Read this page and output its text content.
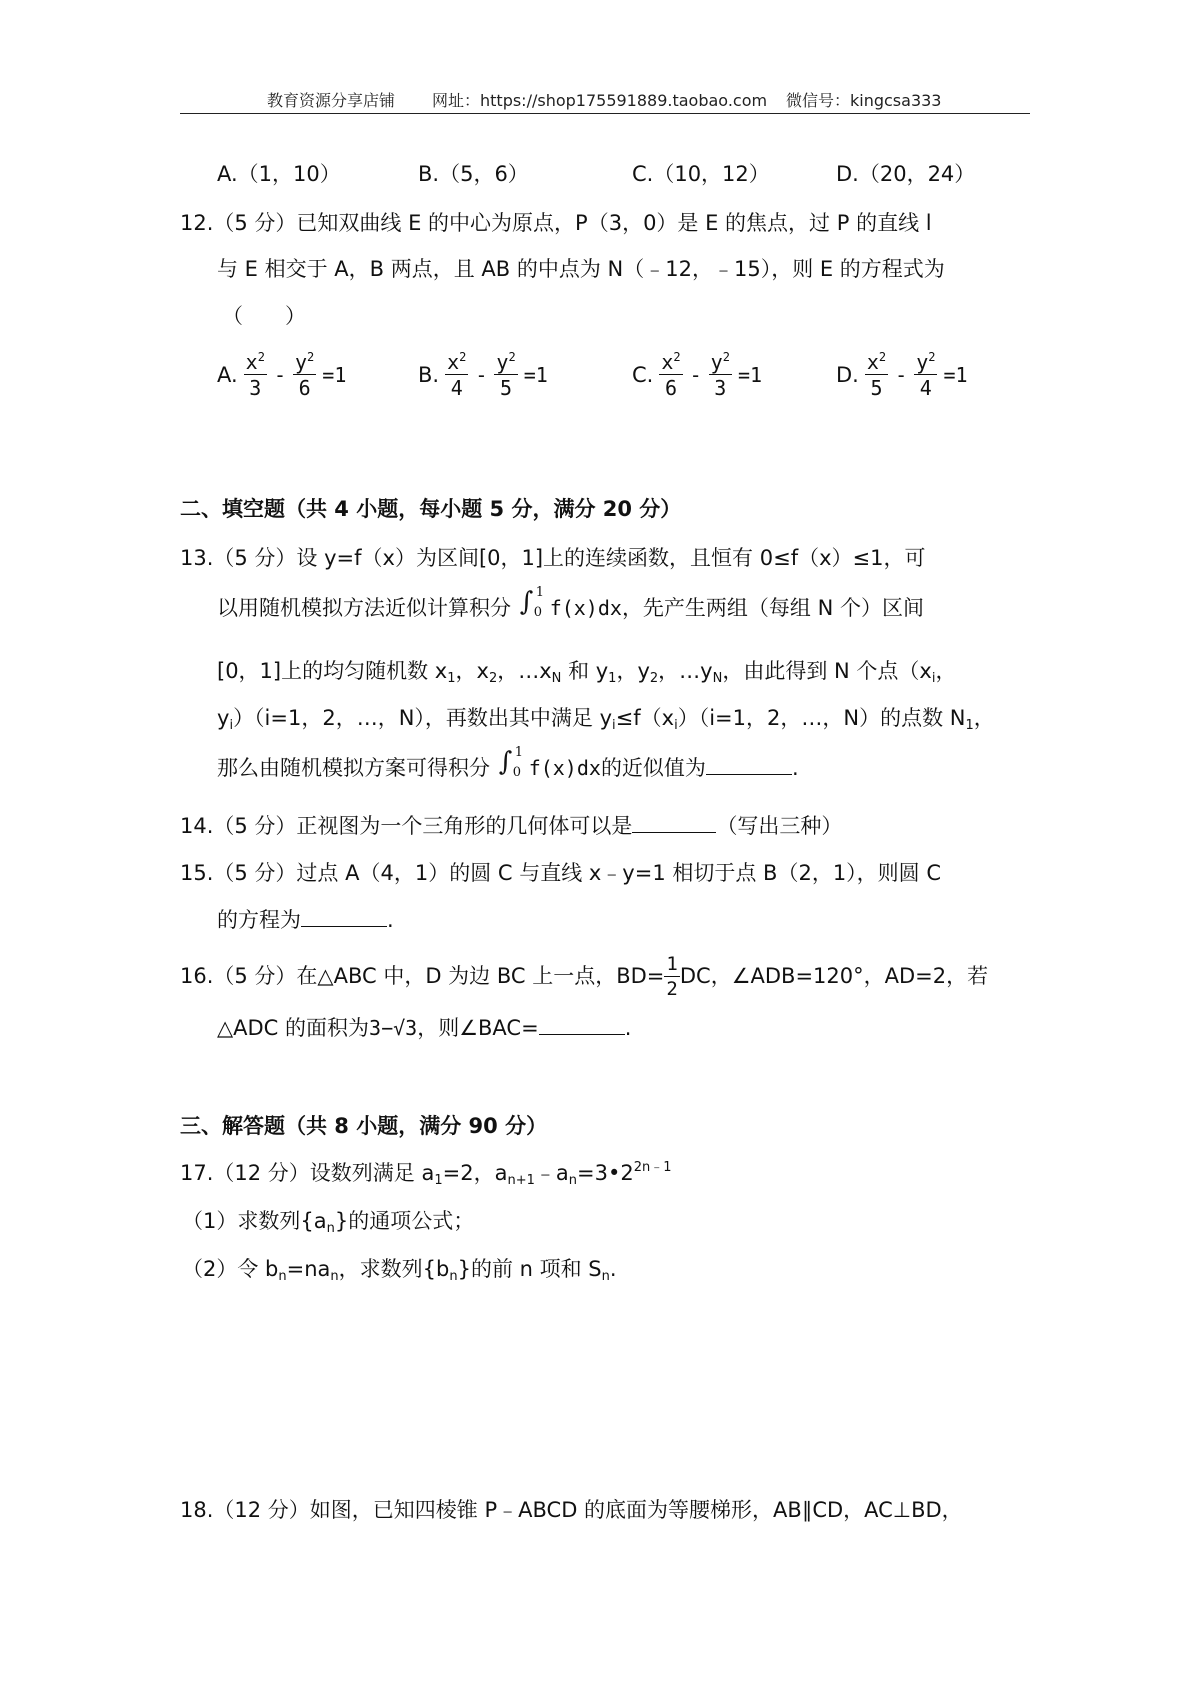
教育资源分享店铺 网址：https://shop175591889.taobao.com 微信号：kingcsa333
A.（1，10）	B.（5，6）	C.（10，12）	D.（20，24）
12.（5 分）已知双曲线 E 的中心为原点，P（3，0）是 E 的焦点，过 P 的直线 l
与 E 相交于 A，B 两点，且 AB 的中点为 N（﹣12，﹣15），则 E 的方程式为
（　　）
A. $\frac{x^2}{3} - \frac{y^2}{6} =1$	B. $\frac{x^2}{4} - \frac{y^2}{5} =1$	C. $\frac{x^2}{6} - \frac{y^2}{3} =1$	D. $\frac{x^2}{5} - \frac{y^2}{4} =1$
二、填空题（共 4 小题，每小题 5 分，满分 20 分）
13.（5 分）设 y=f（x）为区间[0，1]上的连续函数，且恒有 0≤f（x）≤1，可
以用随机模拟方法近似计算积分 ∫ 1
0 f(x)dx，先产生两组（每组 N 个）区间
[0，1]上的均匀随机数 $x_1$，$x_2$，$\dots x_N$ 和 $y_1$，$y_2$，$\dots y_N$，由此得到 N 个点（$x_i$，
$y_i)(i=1$，2，…，N），再数出其中满足 $y_i\le f(x_i)(i=1$，2，…，N）的点数 $N_1$，
那么由随机模拟方案可得积分 ∫ 1
0 f(x)dx的近似值为	.
14.（5 分）正视图为一个三角形的几何体可以是	（写出三种）
15.（5 分）过点 A（4，1）的圆 C 与直线 x﹣y=1 相切于点 B（2，1），则圆 C
的方程为	.
16.（5 分）在△ABC 中，D 为边 BC 上一点，$BD= \frac{1}{2}$ DC，∠ADB=120°，AD=2，若
△ADC 的面积为3−√3，则∠BAC=	.
三、解答题（共 8 小题，满分 90 分）
17.（12 分）设数列满足 $a_1=2$，$a_{n+1}﹣a_n=3•2^{2n﹣1}$
（1）求数列$\{a_n\}$的通项公式；
（2）令 $b_n=na_n$，求数列$\{b_n\}$的前 n 项和 $S_n$.
18.（12 分）如图，已知四棱锥 P﹣ABCD 的底面为等腰梯形，AB∥CD，AC⊥BD，
